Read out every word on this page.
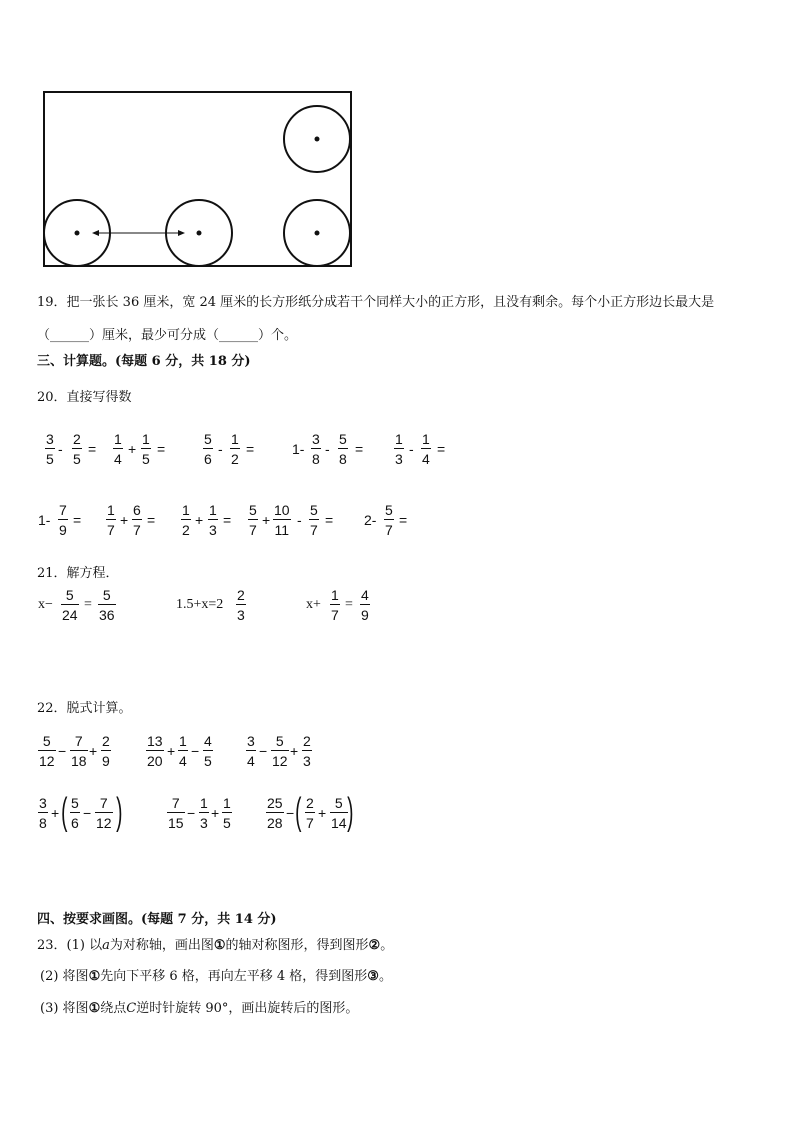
19．把一张长 36 厘米，宽 24 厘米的长方形纸分成若干个同样大小的正方形，且没有剩余。每个小正方形边长最大是
（______）厘米，最少可分成（______）个。
三、计算题。(每题 6 分，共 18 分)
20．直接写得数
3
5
-
2
5
=
1
4
+
1
5
=
5
6
-
1
2
=	1-
3
8
-
5
8
=
1
3
-
1
4
=
1-
7
9
=
1
7
+
6
7
=
1
2
+
1
3
=
5
7
+
10
11
-
5
7
= 2-
5
7
=
21．解方程．
x−
5
24
=
5
36
1.5+x=2
2
3
x+
1
7
=
4
9
22．脱式计算。
5
12
−
7
18
+
2
9
13
20
+
1
4
−
4
5
3
4
−
5
12
+
2
3
3
8
+ ( 5
6
−
7
12 )	7
15
−
1
3
+
1
5
25
28
− ( 2
7
+
5
14 )
四、按要求画图。(每题 7 分，共 14 分)
23．(1) 以a为对称轴，画出图①的轴对称图形，得到图形②。
(2) 将图①先向下平移 6 格，再向左平移 4 格，得到图形③。
(3) 将图①绕点C逆时针旋转 90°，画出旋转后的图形。
